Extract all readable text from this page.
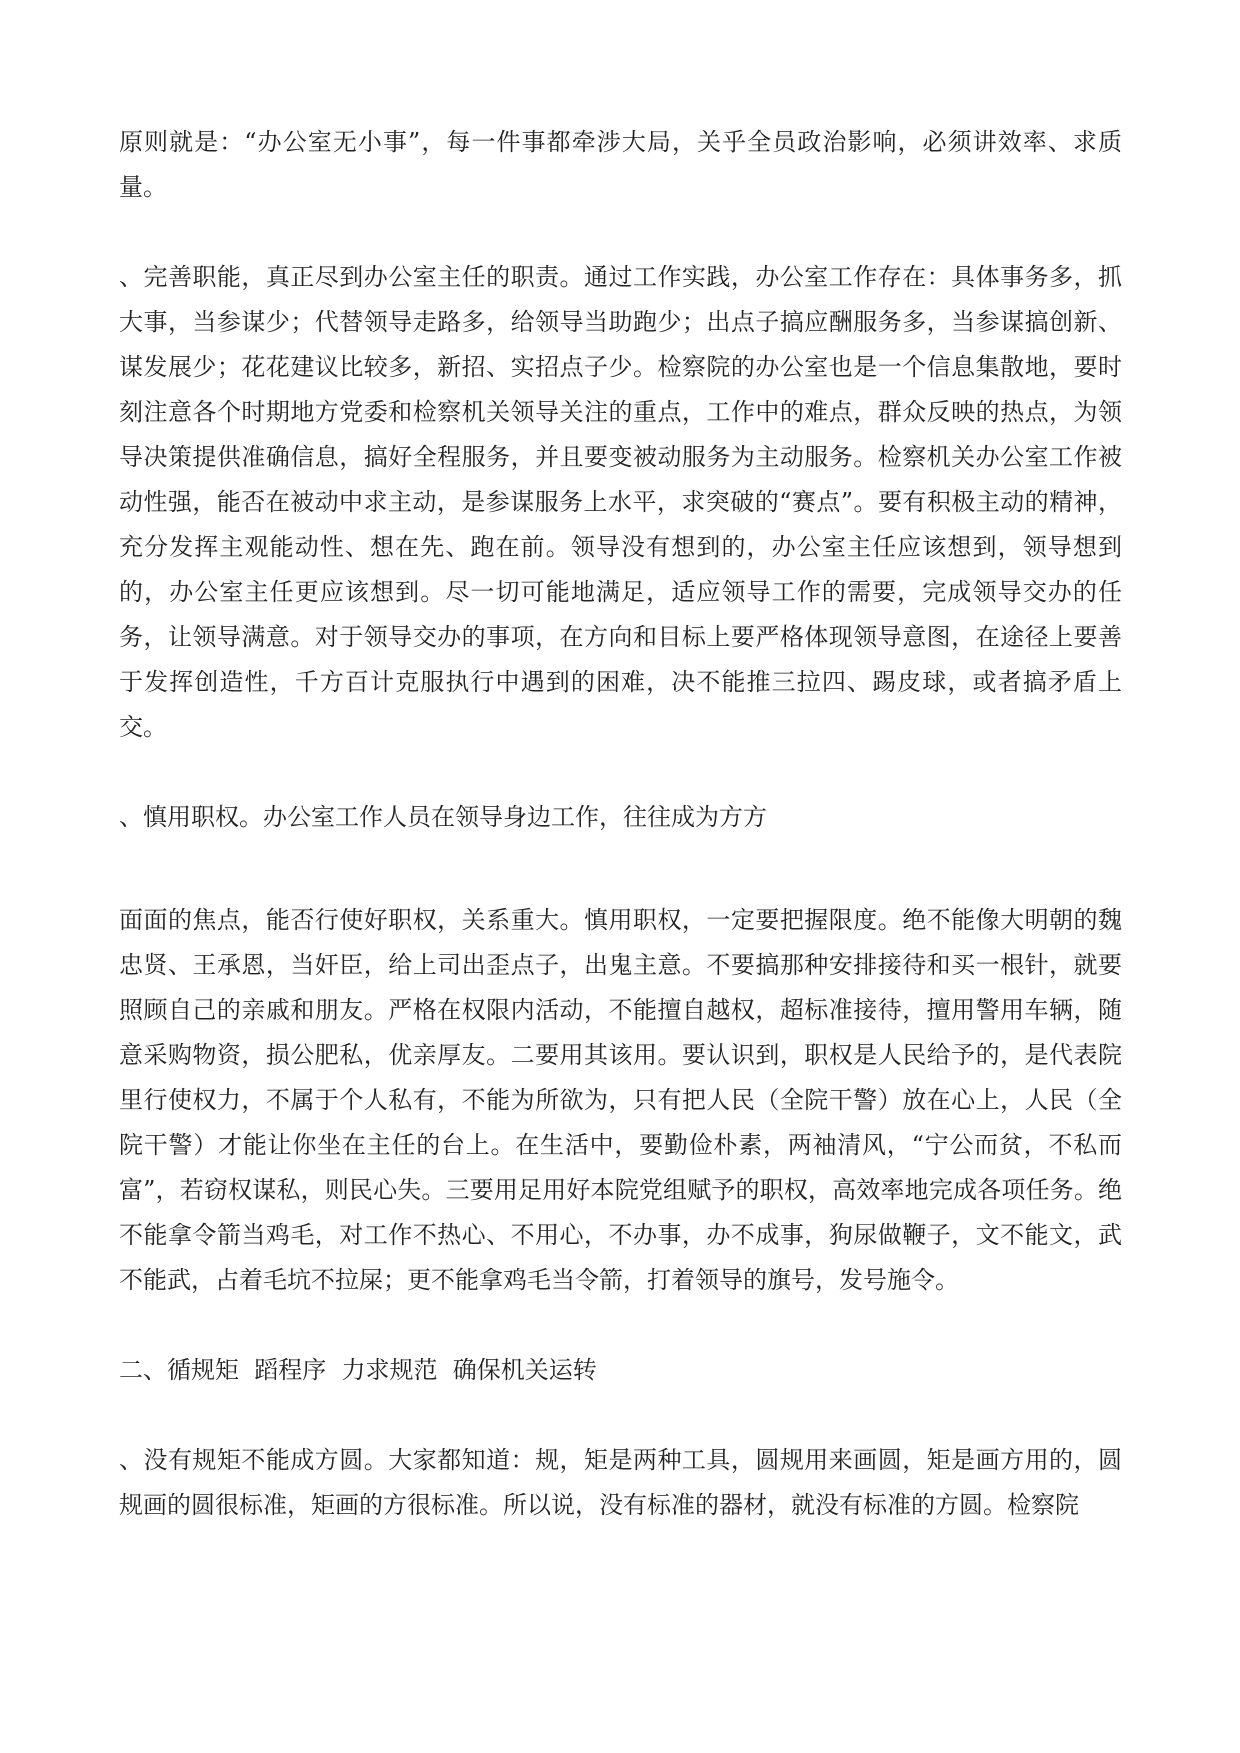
原则就是：“办公室无小事”，每一件事都牵涉大局，关乎全员政治影响，必须讲效率、求质量。

、完善职能，真正尽到办公室主任的职责。通过工作实践，办公室工作存在：具体事务多，抓大事，当参谋少；代替领导走路多，给领导当助跑少；出点子搞应酬服务多，当参谋搞创新、谋发展少；花花建议比较多，新招、实招点子少。检察院的办公室也是一个信息集散地，要时刻注意各个时期地方党委和检察机关领导关注的重点，工作中的难点，群众反映的热点，为领导决策提供准确信息，搞好全程服务，并且要变被动服务为主动服务。检察机关办公室工作被动性强，能否在被动中求主动，是参谋服务上水平，求突破的“赛点”。要有积极主动的精神，充分发挥主观能动性、想在先、跑在前。领导没有想到的，办公室主任应该想到，领导想到的，办公室主任更应该想到。尽一切可能地满足，适应领导工作的需要，完成领导交办的任务，让领导满意。对于领导交办的事项，在方向和目标上要严格体现领导意图，在途径上要善于发挥创造性，千方百计克服执行中遇到的困难，决不能推三拉四、踢皮球，或者搞矛盾上交。

、慎用职权。办公室工作人员在领导身边工作，往往成为方方

面面的焦点，能否行使好职权，关系重大。慎用职权，一定要把握限度。绝不能像大明朝的魏忠贤、王承恩，当奸臣，给上司出歪点子，出鬼主意。不要搞那种安排接待和买一根针，就要照顾自己的亲戚和朋友。严格在权限内活动，不能擅自越权，超标准接待，擅用警用车辆，随意采购物资，损公肥私，优亲厚友。二要用其该用。要认识到，职权是人民给予的，是代表院里行使权力，不属于个人私有，不能为所欲为，只有把人民（全院干警）放在心上，人民（全院干警）才能让你坐在主任的台上。在生活中，要勤俭朴素，两袖清风，“宁公而贫，不私而富”，若窃权谋私，则民心失。三要用足用好本院党组赋予的职权，高效率地完成各项任务。绝不能拿令箭当鸡毛，对工作不热心、不用心，不办事，办不成事，狗尿做鞭子，文不能文，武不能武，占着毛坑不拉屎；更不能拿鸡毛当令箭，打着领导的旗号，发号施令。

二、循规矩  蹈程序  力求规范  确保机关运转

、没有规矩不能成方圆。大家都知道：规，矩是两种工具，圆规用来画圆，矩是画方用的，圆规画的圆很标准，矩画的方很标准。所以说，没有标准的器材，就没有标准的方圆。检察院
